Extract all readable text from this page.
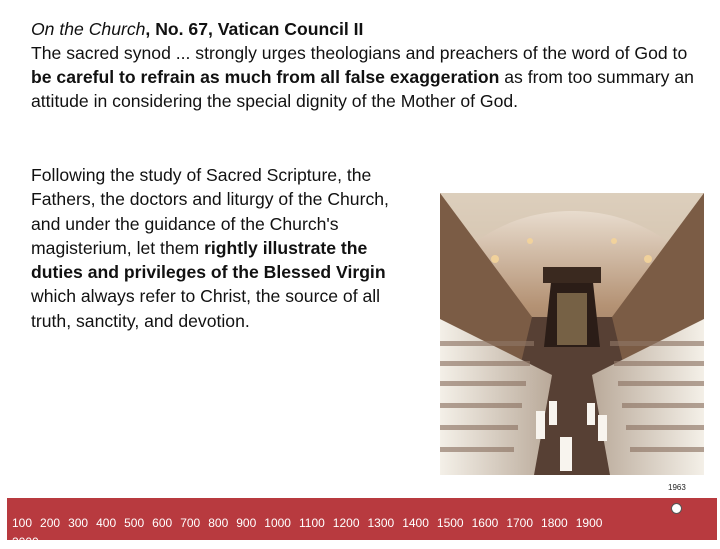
On the Church, No. 67, Vatican Council II

The sacred synod ... strongly urges theologians and preachers of the word of God to be careful to refrain as much from all false exaggeration as from too summary an attitude in considering the special dignity of the Mother of God.

Following the study of Sacred Scripture, the Fathers, the doctors and liturgy of the Church, and under the guidance of the Church's magisterium, let them rightly illustrate the duties and privileges of the Blessed Virgin which always refer to Christ, the source of all truth, sanctity, and devotion.

1963

100 200 300 400 500 600 700 800 900 1000 1100 1200 1300 1400 1500 1600 1700 1800 1900
2000
